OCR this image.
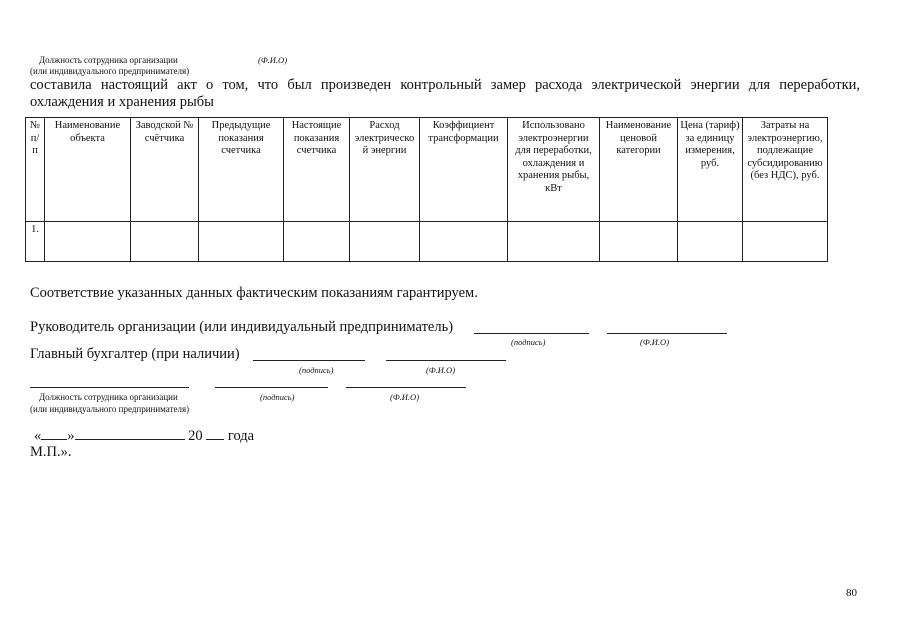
Должность сотрудника организации	(Ф.И.О)
(или индивидуального предпринимателя)
составила настоящий акт о том, что был произведен контрольный замер расхода электрической энергии для переработки,
охлаждения и хранения рыбы
№ п/п	Наименование объекта	Заводской № счётчика	Предыдущие показания счетчика	Настоящие показания счетчика	Расход электрической энергии	Коэффициент трансформации	Использовано электроэнергии для переработки, охлаждения и хранения рыбы, кВт	Наименование ценовой категории	Цена (тариф) за единицу измерения, руб.	Затраты на электроэнергию, подлежащие субсидированию (без НДС), руб.
1.										
Соответствие указанных данных фактическим показаниям гарантируем.
Руководитель организации (или индивидуальный предприниматель)
(подпись)	(Ф.И.О)
Главный бухгалтер (при наличии)
(подпись)	(Ф.И.О)
Должность сотрудника организации	(подпись)	(Ф.И.О)
(или индивидуального предпринимателя)
« »	20 года
М.П.».
80
